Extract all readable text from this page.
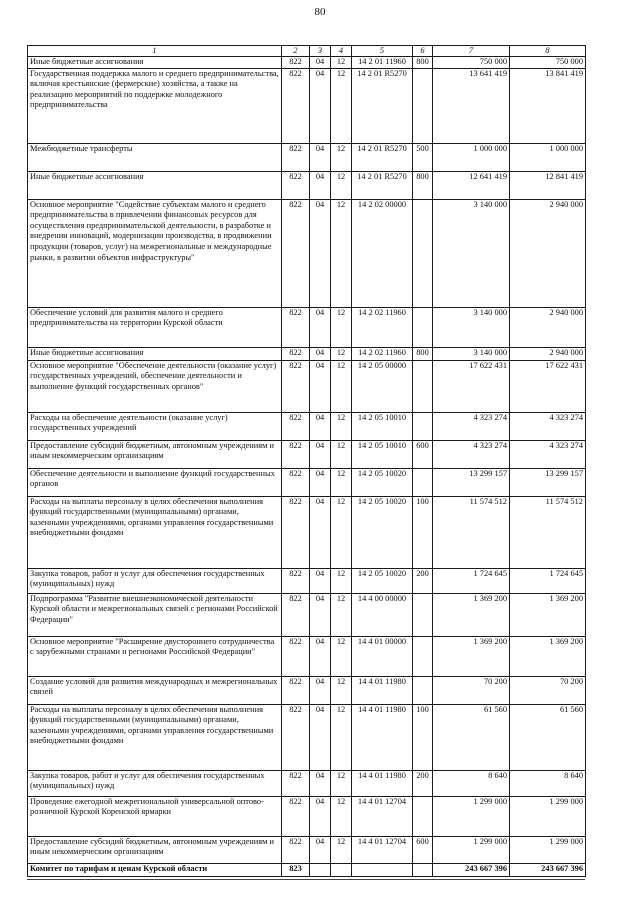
80
1	2	3	4	5	6	7	8
Иные бюджетные ассигнования	822	04	12	14 2 01 11960	800	750 000	750 000
Государственная поддержка малого и среднего предпринимательства, включая крестьянские (фермерские) хозяйства, а также на реализацию мероприятий по поддержке молодежного предпринимательства	822	04	12	14 2 01 R5270		13 641 419	13 841 419
Межбюджетные трансферты	822	04	12	14 2 01 R5270	500	1 000 000	1 000 000
Иные бюджетные ассигнования	822	04	12	14 2 01 R5270	800	12 641 419	12 841 419
Основное мероприятие "Содействие субъектам малого и среднего предпринимательства в привлечении финансовых ресурсов для осуществления предпринимательской деятельности, в разработке и внедрении инноваций, модернизации производства, в продвижении продукции (товаров, услуг) на межрегиональные и международные рынки, в развитии объектов инфраструктуры"	822	04	12	14 2 02 00000		3 140 000	2 940 000
Обеспечение условий для развития малого и среднего предпринимательства на территории Курской области	822	04	12	14 2 02 11960		3 140 000	2 940 000
Иные бюджетные ассигнования	822	04	12	14 2 02 11960	800	3 140 000	2 940 000
Основное мероприятие "Обеспечение деятельности (оказание услуг) государственных учреждений, обеспечение деятельности и выполнение функций государственных органов"	822	04	12	14 2 05 00000		17 622 431	17 622 431
Расходы на обеспечение деятельности (оказание услуг) государственных учреждений	822	04	12	14 2 05 10010		4 323 274	4 323 274
Предоставление субсидий бюджетным, автономным учреждениям и иным некоммерческим организациям	822	04	12	14 2 05 10010	600	4 323 274	4 323 274
Обеспечение деятельности и выполнение функций государственных органов	822	04	12	14 2 05 10020		13 299 157	13 299 157
Расходы на выплаты персоналу в целях обеспечения выполнения функций государственными (муниципальными) органами, казенными учреждениями, органами управления государственными внебюджетными фондами	822	04	12	14 2 05 10020	100	11 574 512	11 574 512
Закупка товаров, работ и услуг для обеспечения государственных (муниципальных) нужд	822	04	12	14 2 05 10020	200	1 724 645	1 724 645
Подпрограмма "Развитие внешнеэкономической деятельности Курской области и межрегиональных связей с регионами Российской Федерации"	822	04	12	14 4 00 00000		1 369 200	1 369 200
Основное мероприятие "Расширение двустороннего сотрудничества с зарубежными странами и регионами Российской Федерации"	822	04	12	14 4 01 00000		1 369 200	1 369 200
Создание условий для развития международных и межрегиональных связей	822	04	12	14 4 01 11980		70 200	70 200
Расходы на выплаты персоналу в целях обеспечения выполнения функций государственными (муниципальными) органами, казенными учреждениями, органами управления государственными внебюджетными фондами	822	04	12	14 4 01 11980	100	61 560	61 560
Закупка товаров, работ и услуг для обеспечения государственных (муниципальных) нужд	822	04	12	14 4 01 11980	200	8 640	8 640
Проведение ежегодной межрегиональной универсальной оптово-розничной Курской Коренской ярмарки	822	04	12	14 4 01 12704		1 299 000	1 299 000
Предоставление субсидий бюджетным, автономным учреждениям и иным некоммерческим организациям	822	04	12	14 4 01 12704	600	1 299 000	1 299 000
Комитет по тарифам и ценам Курской области	823					243 667 396	243 667 396
